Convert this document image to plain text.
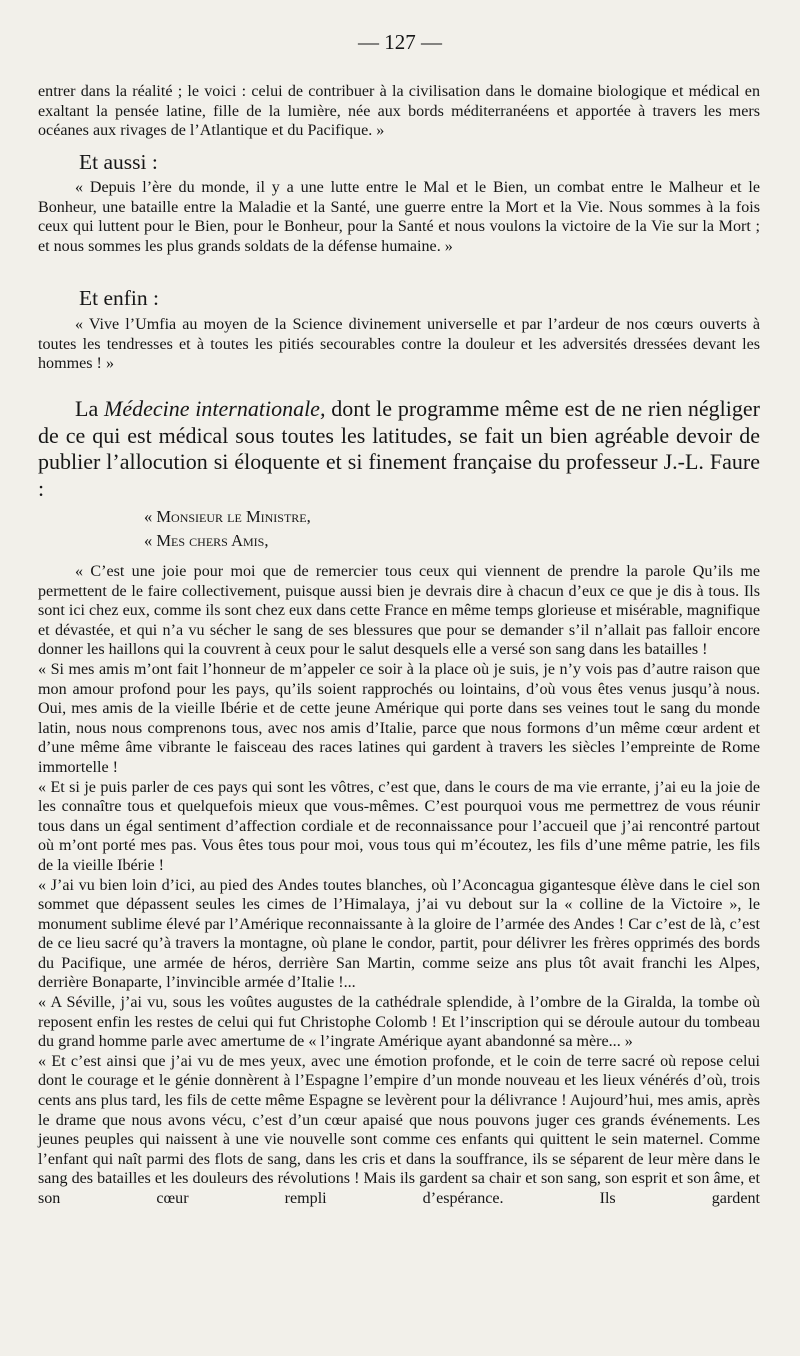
— 127 —

entrer dans la réalité ; le voici : celui de contribuer à la civilisation dans le domaine biologique et médical en exaltant la pensée latine, fille de la lumière, née aux bords méditerranéens et apportée à travers les mers océanes aux rivages de l’Atlantique et du Pacifique. »

Et aussi :

« Depuis l’ère du monde, il y a une lutte entre le Mal et le Bien, un combat entre le Malheur et le Bonheur, une bataille entre la Maladie et la Santé, une guerre entre la Mort et la Vie. Nous sommes à la fois ceux qui luttent pour le Bien, pour le Bonheur, pour la Santé et nous voulons la victoire de la Vie sur la Mort ; et nous sommes les plus grands soldats de la défense humaine. »

Et enfin :

« Vive l’Umfia au moyen de la Science divinement universelle et par l’ardeur de nos cœurs ouverts à toutes les tendresses et à toutes les pitiés secourables contre la douleur et les adversités dressées devant les hommes ! »

La Médecine internationale, dont le programme même est de ne rien négliger de ce qui est médical sous toutes les latitudes, se fait un bien agréable devoir de publier l’allocution si éloquente et si finement française du professeur J.-L. Faure :

« Monsieur le Ministre,
« Mes chers Amis,

« C’est une joie pour moi que de remercier tous ceux qui viennent de prendre la parole Qu’ils me permettent de le faire collectivement, puisque aussi bien je devrais dire à chacun d’eux ce que je dis à tous. Ils sont ici chez eux, comme ils sont chez eux dans cette France en même temps glorieuse et misérable, magnifique et dévastée, et qui n’a vu sécher le sang de ses blessures que pour se demander s’il n’allait pas falloir encore donner les haillons qui la couvrent à ceux pour le salut desquels elle a versé son sang dans les batailles !

« Si mes amis m’ont fait l’honneur de m’appeler ce soir à la place où je suis, je n’y vois pas d’autre raison que mon amour profond pour les pays, qu’ils soient rapprochés ou lointains, d’où vous êtes venus jusqu’à nous. Oui, mes amis de la vieille Ibérie et de cette jeune Amérique qui porte dans ses veines tout le sang du monde latin, nous nous comprenons tous, avec nos amis d’Italie, parce que nous formons d’un même cœur ardent et d’une même âme vibrante le faisceau des races latines qui gardent à travers les siècles l’empreinte de Rome immortelle !

« Et si je puis parler de ces pays qui sont les vôtres, c’est que, dans le cours de ma vie errante, j’ai eu la joie de les connaître tous et quelquefois mieux que vous-mêmes. C’est pourquoi vous me permettrez de vous réunir tous dans un égal sentiment d’affection cordiale et de reconnaissance pour l’accueil que j’ai rencontré partout où m’ont porté mes pas. Vous êtes tous pour moi, vous tous qui m’écoutez, les fils d’une même patrie, les fils de la vieille Ibérie !

« J’ai vu bien loin d’ici, au pied des Andes toutes blanches, où l’Aconcagua gigantesque élève dans le ciel son sommet que dépassent seules les cimes de l’Himalaya, j’ai vu debout sur la « colline de la Victoire », le monument sublime élevé par l’Amérique reconnaissante à la gloire de l’armée des Andes ! Car c’est de là, c’est de ce lieu sacré qu’à travers la montagne, où plane le condor, partit, pour délivrer les frères opprimés des bords du Pacifique, une armée de héros, derrière San Martin, comme seize ans plus tôt avait franchi les Alpes, derrière Bonaparte, l’invincible armée d’Italie !...

« A Séville, j’ai vu, sous les voûtes augustes de la cathédrale splendide, à l’ombre de la Giralda, la tombe où reposent enfin les restes de celui qui fut Christophe Colomb ! Et l’inscription qui se déroule autour du tombeau du grand homme parle avec amertume de « l’ingrate Amérique ayant abandonné sa mère... »

« Et c’est ainsi que j’ai vu de mes yeux, avec une émotion profonde, et le coin de terre sacré où repose celui dont le courage et le génie donnèrent à l’Espagne l’empire d’un monde nouveau et les lieux vénérés d’où, trois cents ans plus tard, les fils de cette même Espagne se levèrent pour la délivrance ! Aujourd’hui, mes amis, après le drame que nous avons vécu, c’est d’un cœur apaisé que nous pouvons juger ces grands événements. Les jeunes peuples qui naissent à une vie nouvelle sont comme ces enfants qui quittent le sein maternel. Comme l’enfant qui naît parmi des flots de sang, dans les cris et dans la souffrance, ils se séparent de leur mère dans le sang des batailles et les douleurs des révolutions ! Mais ils gardent sa chair et son sang, son esprit et son âme, et son cœur rempli d’espérance. Ils gardent
